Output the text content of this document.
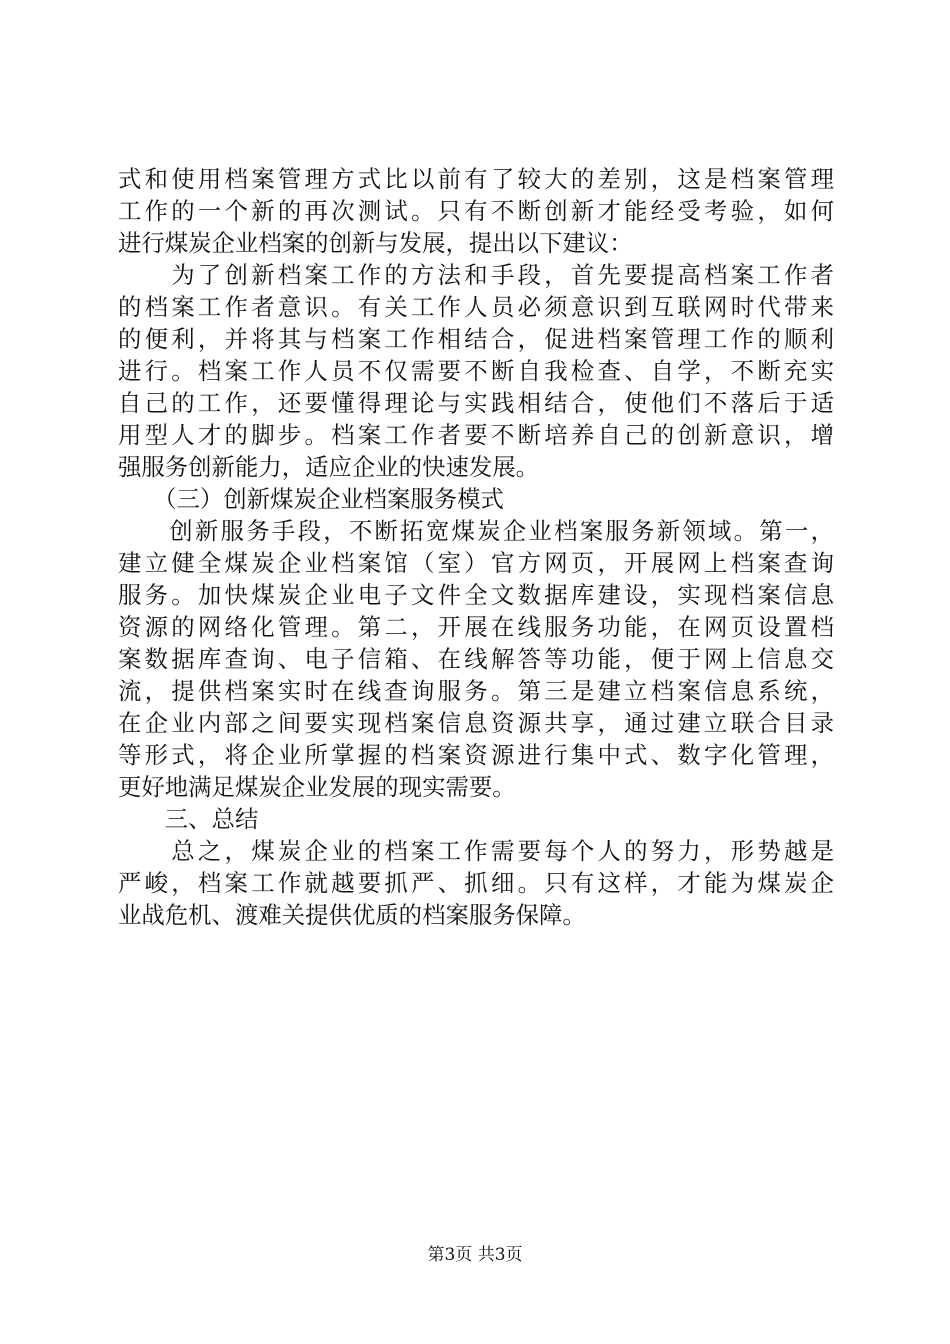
式和使用档案管理方式比以前有了较大的差别，这是档案管理
工作的一个新的再次测试。只有不断创新才能经受考验，如何
进行煤炭企业档案的创新与发展，提出以下建议：
　　为了创新档案工作的方法和手段，首先要提高档案工作者
的档案工作者意识。有关工作人员必须意识到互联网时代带来
的便利，并将其与档案工作相结合，促进档案管理工作的顺利
进行。档案工作人员不仅需要不断自我检查、自学，不断充实
自己的工作，还要懂得理论与实践相结合，使他们不落后于适
用型人才的脚步。档案工作者要不断培养自己的创新意识，增
强服务创新能力，适应企业的快速发展。
　　（三）创新煤炭企业档案服务模式
　　创新服务手段，不断拓宽煤炭企业档案服务新领域。第一，
建立健全煤炭企业档案馆（室）官方网页，开展网上档案查询
服务。加快煤炭企业电子文件全文数据库建设，实现档案信息
资源的网络化管理。第二，开展在线服务功能，在网页设置档
案数据库查询、电子信箱、在线解答等功能，便于网上信息交
流，提供档案实时在线查询服务。第三是建立档案信息系统，
在企业内部之间要实现档案信息资源共享，通过建立联合目录
等形式，将企业所掌握的档案资源进行集中式、数字化管理，
更好地满足煤炭企业发展的现实需要。
　　三、总结
　　总之，煤炭企业的档案工作需要每个人的努力，形势越是
严峻，档案工作就越要抓严、抓细。只有这样，才能为煤炭企
业战危机、渡难关提供优质的档案服务保障。
第3页 共3页
